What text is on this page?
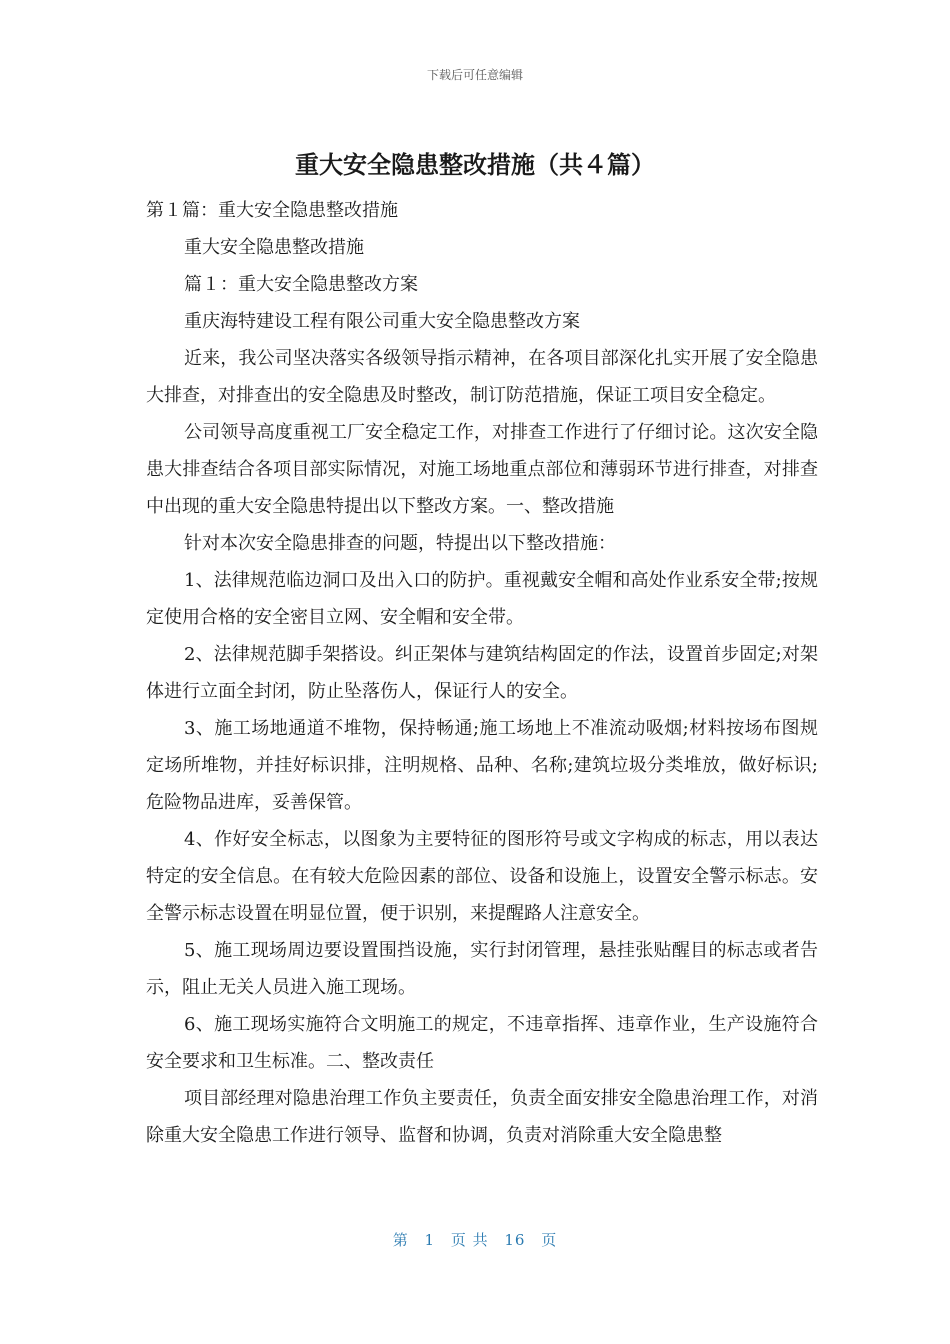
下载后可任意编辑
重大安全隐患整改措施（共４篇）

第１篇：重大安全隐患整改措施

重大安全隐患整改措施

篇１：重大安全隐患整改方案

重庆海特建设工程有限公司重大安全隐患整改方案

近来，我公司坚决落实各级领导指示精神，在各项目部深化扎实开展了安全隐患大排查，对排查出的安全隐患及时整改，制订防范措施，保证工项目安全稳定。

公司领导高度重视工厂安全稳定工作，对排查工作进行了仔细讨论。这次安全隐患大排查结合各项目部实际情况，对施工场地重点部位和薄弱环节进行排查，对排查中出现的重大安全隐患特提出以下整改方案。一、整改措施

针对本次安全隐患排查的问题，特提出以下整改措施：

1、法律规范临边洞口及出入口的防护。重视戴安全帽和高处作业系安全带;按规定使用合格的安全密目立网、安全帽和安全带。

2、法律规范脚手架搭设。纠正架体与建筑结构固定的作法，设置首步固定;对架体进行立面全封闭，防止坠落伤人，保证行人的安全。

3、施工场地通道不堆物，保持畅通;施工场地上不准流动吸烟;材料按场布图规定场所堆物，并挂好标识排，注明规格、品种、名称;建筑垃圾分类堆放，做好标识;危险物品进库，妥善保管。

4、作好安全标志，以图象为主要特征的图形符号或文字构成的标志，用以表达特定的安全信息。在有较大危险因素的部位、设备和设施上，设置安全警示标志。安全警示标志设置在明显位置，便于识别，来提醒路人注意安全。

5、施工现场周边要设置围挡设施，实行封闭管理，悬挂张贴醒目的标志或者告示，阻止无关人员进入施工现场。

6、施工现场实施符合文明施工的规定，不违章指挥、违章作业，生产设施符合安全要求和卫生标准。二、整改责任

项目部经理对隐患治理工作负主要责任，负责全面安排安全隐患治理工作，对消除重大安全隐患工作进行领导、监督和协调，负责对消除重大安全隐患整

第 1 页 共 16 页
